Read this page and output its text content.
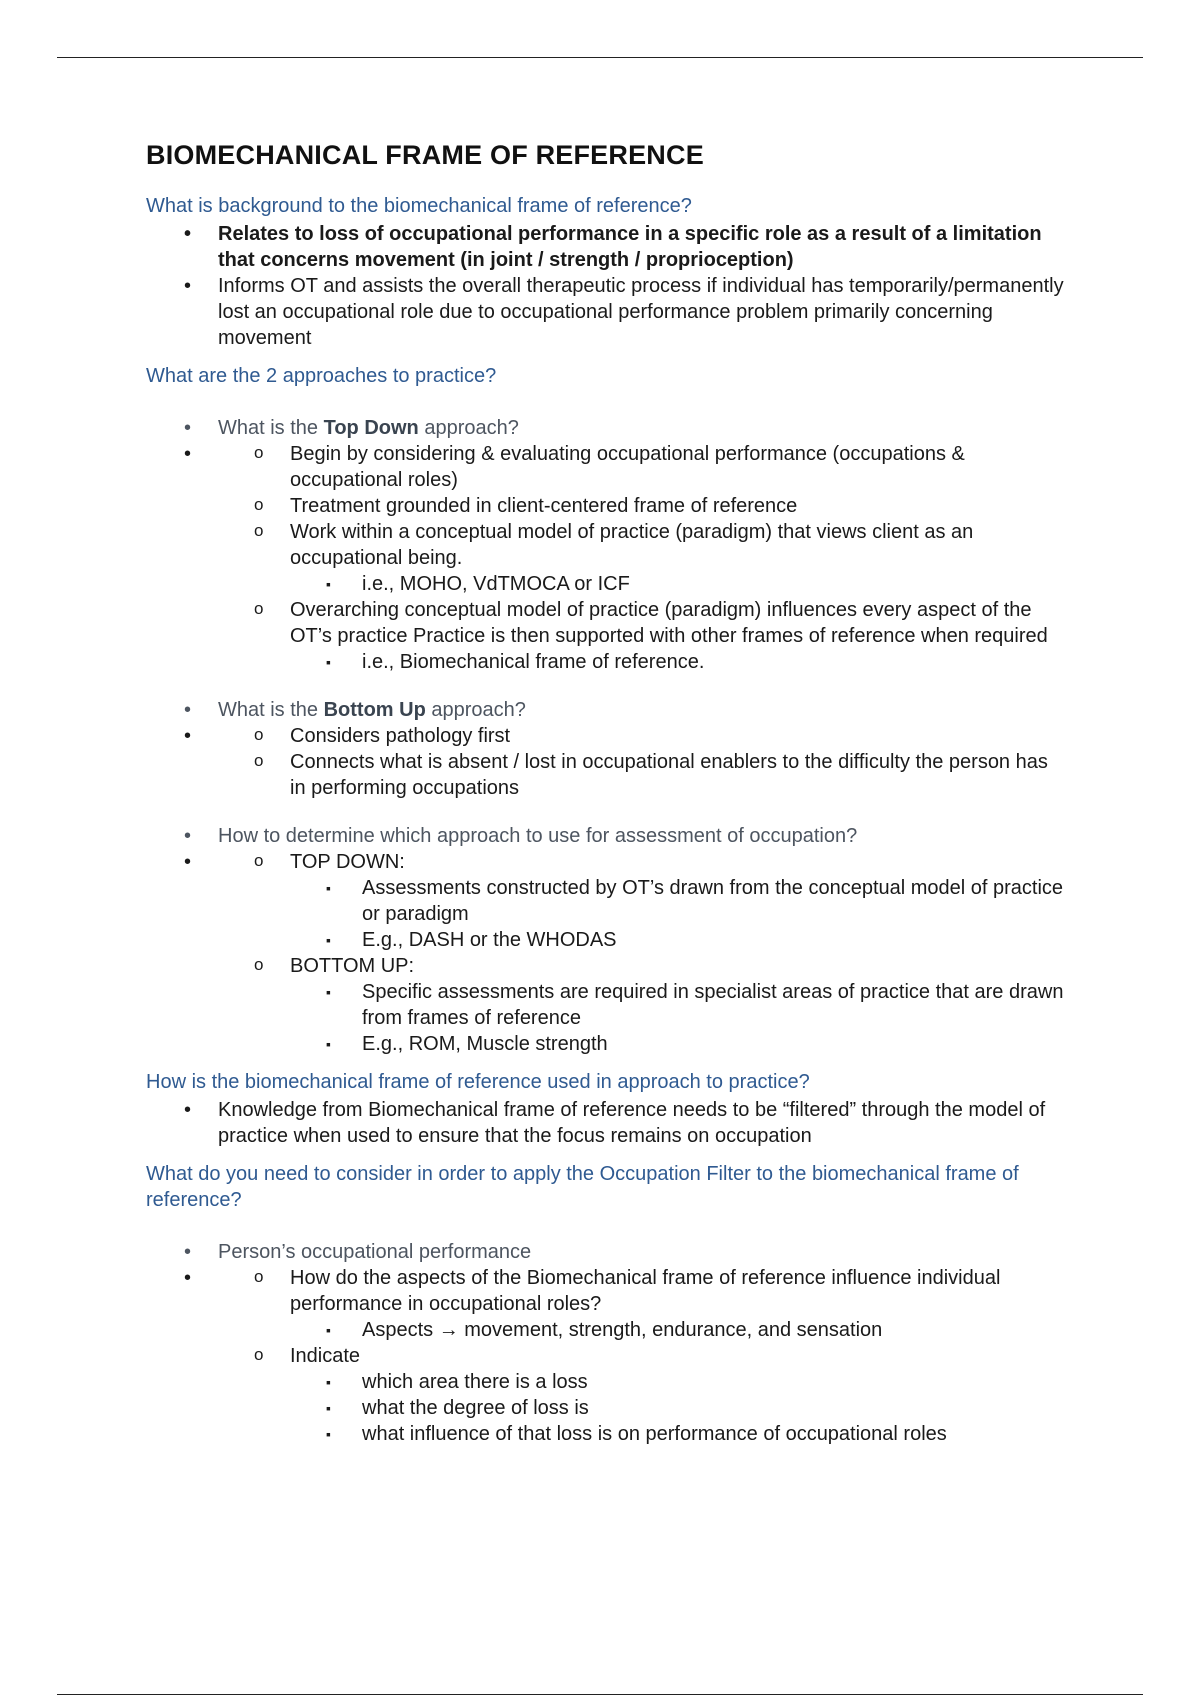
BIOMECHANICAL FRAME OF REFERENCE
What is background to the biomechanical frame of reference?
• Relates to loss of occupational performance in a specific role as a result of a limitation that concerns movement (in joint / strength / proprioception)
• Informs OT and assists the overall therapeutic process if individual has temporarily/permanently lost an occupational role due to occupational performance problem primarily concerning movement
What are the 2 approaches to practice?
• What is the Top Down approach?
o • Begin by considering & evaluating occupational performance (occupations & occupational roles)
o Treatment grounded in client-centered frame of reference
o Work within a conceptual model of practice (paradigm) that views client as an occupational being.
▪ i.e., MOHO, VdTMOCA or ICF
o Overarching conceptual model of practice (paradigm) influences every aspect of the OT’s practice Practice is then supported with other frames of reference when required
▪ i.e., Biomechanical frame of reference.
• What is the Bottom Up approach?
o • Considers pathology first
o Connects what is absent / lost in occupational enablers to the difficulty the person has in performing occupations
• How to determine which approach to use for assessment of occupation?
o • TOP DOWN:
▪ Assessments constructed by OT’s drawn from the conceptual model of practice or paradigm
▪ E.g., DASH or the WHODAS
o BOTTOM UP:
▪ Specific assessments are required in specialist areas of practice that are drawn from frames of reference
▪ E.g., ROM, Muscle strength
How is the biomechanical frame of reference used in approach to practice?
• Knowledge from Biomechanical frame of reference needs to be “filtered” through the model of practice when used to ensure that the focus remains on occupation
What do you need to consider in order to apply the Occupation Filter to the biomechanical frame of reference?
• Person’s occupational performance
o • How do the aspects of the Biomechanical frame of reference influence individual performance in occupational roles?
▪ Aspects → movement, strength, endurance, and sensation
o Indicate
▪ which area there is a loss
▪ what the degree of loss is
▪ what influence of that loss is on performance of occupational roles
